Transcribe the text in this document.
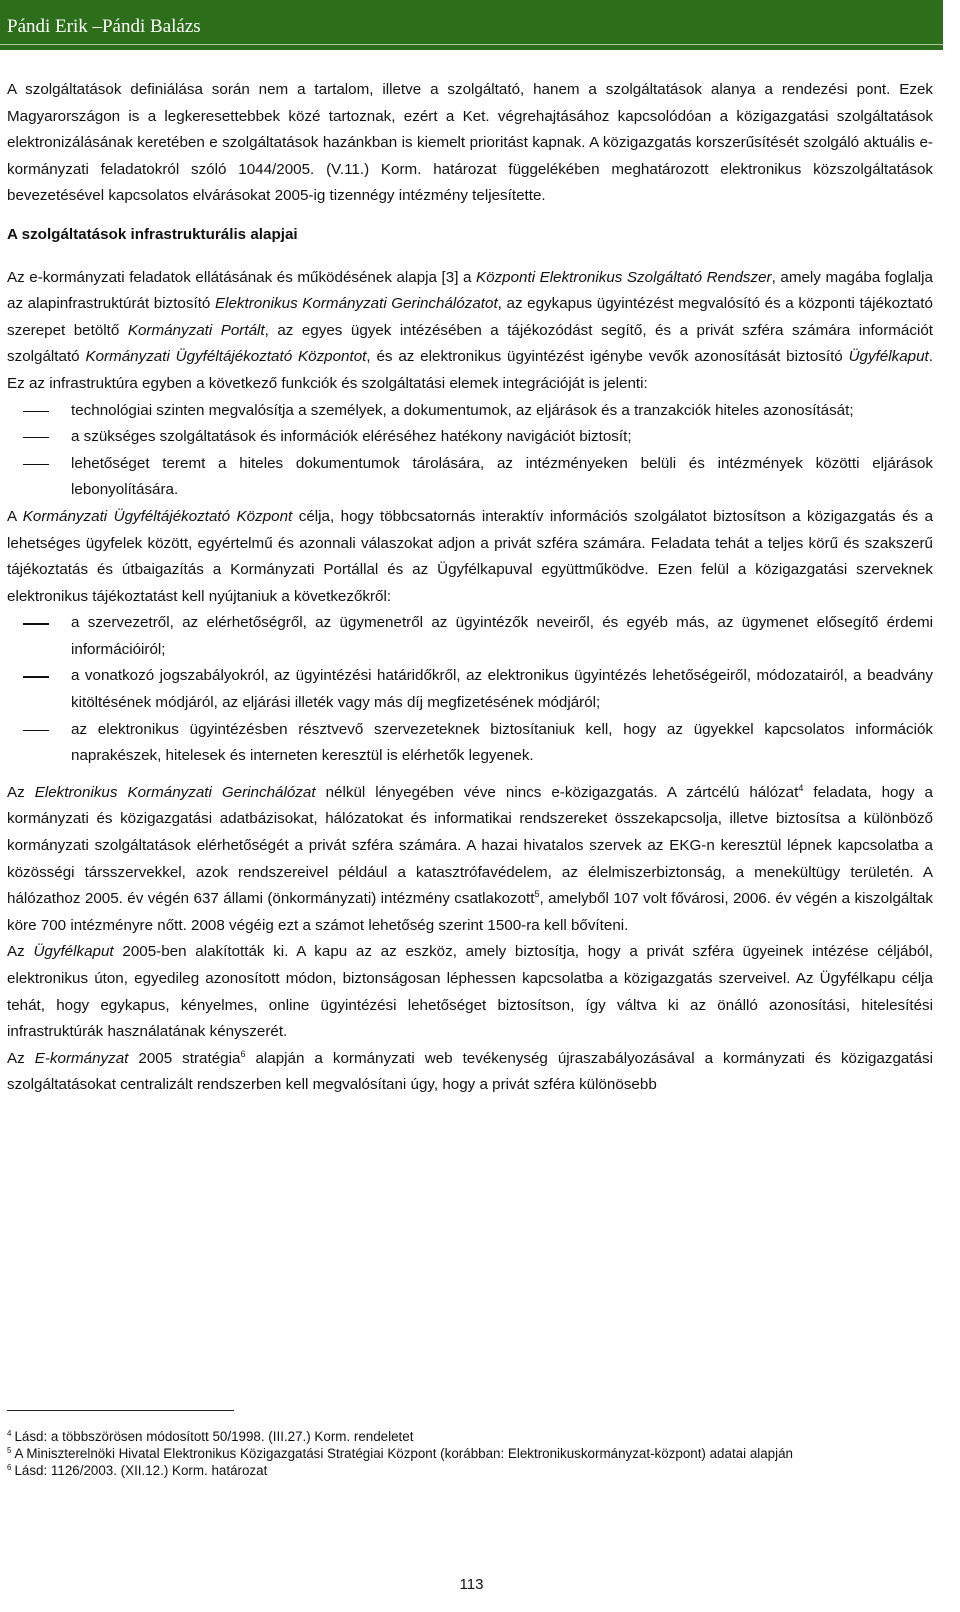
Pándi Erik –Pándi Balázs

A szolgáltatások definiálása során nem a tartalom, illetve a szolgáltató, hanem a szolgáltatások alanya a rendezési pont. Ezek Magyarországon is a legkeresettebbek közé tartoznak, ezért a Ket. végrehajtásához kapcsolódóan a közigazgatási szolgáltatások elektronizálásának keretében e szolgáltatások hazánkban is kiemelt prioritást kapnak. A közigazgatás korszerűsítését szolgáló aktuális e-kormányzati feladatokról szóló 1044/2005. (V.11.) Korm. határozat függelékében meghatározott elektronikus közszolgáltatások bevezetésével kapcsolatos elvárásokat 2005-ig tizennégy intézmény teljesítette.

A szolgáltatások infrastrukturális alapjai

Az e-kormányzati feladatok ellátásának és működésének alapja [3] a Központi Elektronikus Szolgáltató Rendszer, amely magába foglalja az alapinfrastruktúrát biztosító Elektronikus Kormányzati Gerinchálózatot, az egykapus ügyintézést megvalósító és a központi tájékoztató szerepet betöltő Kormányzati Portált, az egyes ügyek intézésében a tájékozódást segítő, és a privát szféra számára információt szolgáltató Kormányzati Ügyféltájékoztató Központot, és az elektronikus ügyintézést igénybe vevők azonosítását biztosító Ügyfélkaput. Ez az infrastruktúra egyben a következő funkciók és szolgáltatási elemek integrációját is jelenti:

technológiai szinten megvalósítja a személyek, a dokumentumok, az eljárások és a tranzakciók hiteles azonosítását;
a szükséges szolgáltatások és információk eléréséhez hatékony navigációt biztosít;
lehetőséget teremt a hiteles dokumentumok tárolására, az intézményeken belüli és intézmények közötti eljárások lebonyolítására.

A Kormányzati Ügyféltájékoztató Központ célja, hogy többcsatornás interaktív információs szolgálatot biztosítson a közigazgatás és a lehetséges ügyfelek között, egyértelmű és azonnali válaszokat adjon a privát szféra számára. Feladata tehát a teljes körű és szakszerű tájékoztatás és útbaigazítás a Kormányzati Portállal és az Ügyfélkapuval együttműködve. Ezen felül a közigazgatási szerveknek elektronikus tájékoztatást kell nyújtaniuk a következőkről:

a szervezetről, az elérhetőségről, az ügymenetről az ügyintézők neveiről, és egyéb más, az ügymenet elősegítő érdemi információiról;
a vonatkozó jogszabályokról, az ügyintézési határidőkről, az elektronikus ügyintézés lehetőségeiről, módozatairól, a beadvány kitöltésének módjáról, az eljárási illeték vagy más díj megfizetésének módjáról;
az elektronikus ügyintézésben résztvevő szervezeteknek biztosítaniuk kell, hogy az ügyekkel kapcsolatos információk naprakészek, hitelesek és interneten keresztül is elérhetők legyenek.

Az Elektronikus Kormányzati Gerinchálózat nélkül lényegében véve nincs e-közigazgatás. A zártcélú hálózat$^4$ feladata, hogy a kormányzati és közigazgatási adatbázisokat, hálózatokat és informatikai rendszereket összekapcsolja, illetve biztosítsa a különböző kormányzati szolgáltatások elérhetőségét a privát szféra számára. A hazai hivatalos szervek az EKG-n keresztül lépnek kapcsolatba a közösségi társszervekkel, azok rendszereivel például a katasztrófavédelem, az élelmiszerbiztonság, a menekültügy területén. A hálózathoz 2005. év végén 637 állami (önkormányzati) intézmény csatlakozott$^5$, amelyből 107 volt fővárosi, 2006. év végén a kiszolgáltak köre 700 intézményre nőtt. 2008 végéig ezt a számot lehetőség szerint 1500-ra kell bővíteni.

Az Ügyfélkaput 2005-ben alakították ki. A kapu az az eszköz, amely biztosítja, hogy a privát szféra ügyeinek intézése céljából, elektronikus úton, egyedileg azonosított módon, biztonságosan léphessen kapcsolatba a közigazgatás szerveivel. Az Ügyfélkapu célja tehát, hogy egykapus, kényelmes, online ügyintézési lehetőséget biztosítson, így váltva ki az önálló azonosítási, hitelesítési infrastruktúrák használatának kényszerét.

Az E-kormányzat 2005 stratégia$^6$ alapján a kormányzati web tevékenység újraszabályozásával a kormányzati és közigazgatási szolgáltatásokat centralizált rendszerben kell megvalósítani úgy, hogy a privát szféra különösebb

$^4$ Lásd: a többszörösen módosított 50/1998. (III.27.) Korm. rendeletet

$^5$ A Miniszterelnöki Hivatal Elektronikus Közigazgatási Stratégiai Központ (korábban: Elektronikuskormányzat-központ) adatai alapján

$^6$ Lásd: 1126/2003. (XII.12.) Korm. határozat

113
